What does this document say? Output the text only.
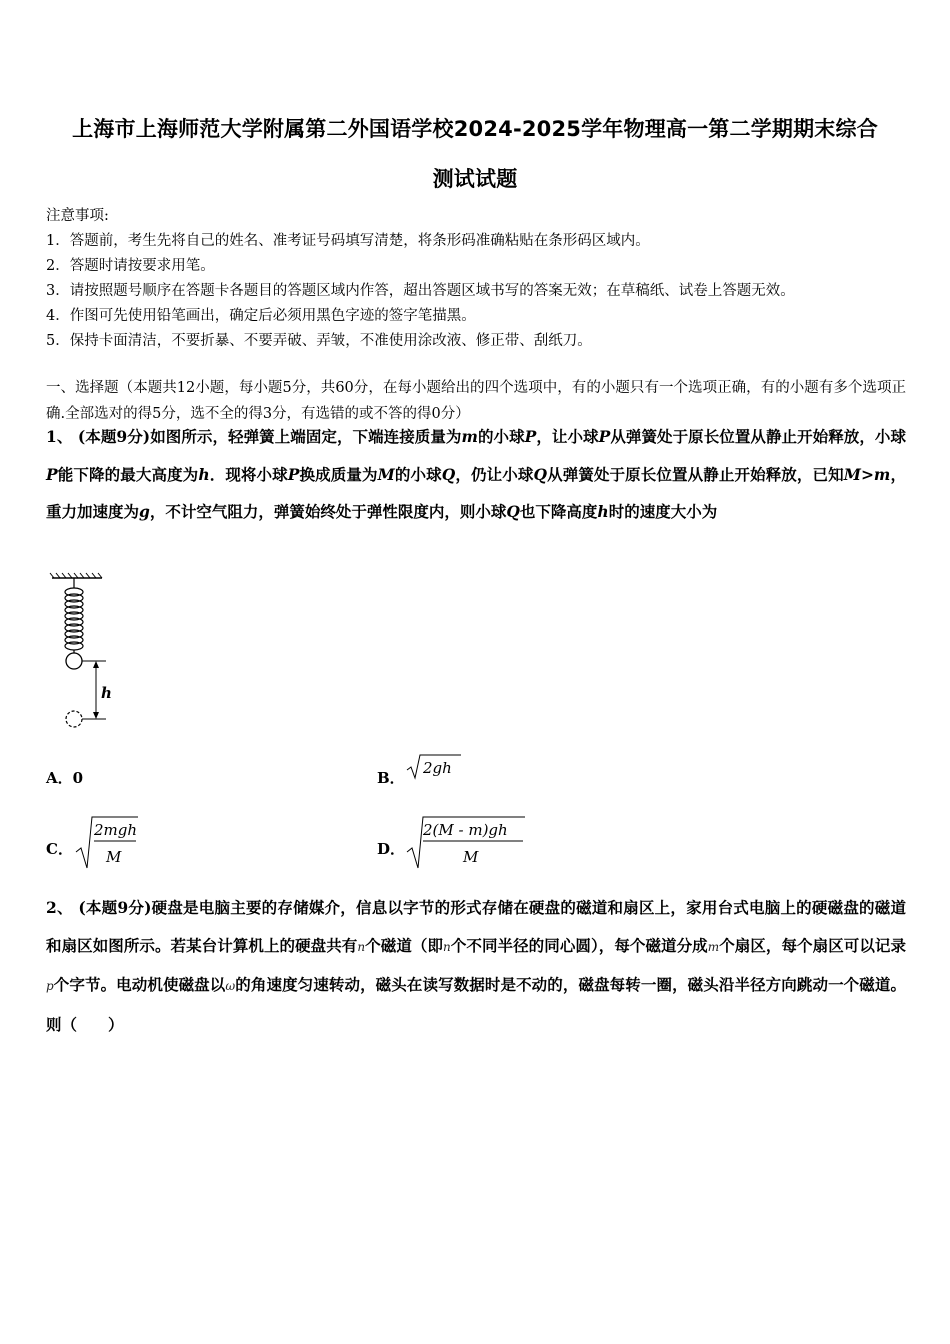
上海市上海师范大学附属第二外国语学校2024-2025学年物理高一第二学期期末综合
测试试题
注意事项:
1．答题前，考生先将自己的姓名、准考证号码填写清楚，将条形码准确粘贴在条形码区域内。
2．答题时请按要求用笔。
3．请按照题号顺序在答题卡各题目的答题区域内作答，超出答题区域书写的答案无效；在草稿纸、试卷上答题无效。
4．作图可先使用铅笔画出，确定后必须用黑色字迹的签字笔描黑。
5．保持卡面清洁，不要折暴、不要弄破、弄皱，不准使用涂改液、修正带、刮纸刀。
一、选择题（本题共12小题，每小题5分，共60分，在每小题给出的四个选项中，有的小题只有一个选项正确，有的小题有多个选项正确.全部选对的得5分，选不全的得3分，有选错的或不答的得0分）
1、 (本题9分)如图所示，轻弹簧上端固定，下端连接质量为m的小球P，让小球P从弹簧处于原长位置从静止开始释放，小球P能下降的最大高度为h．现将小球P换成质量为M的小球Q，仍让小球Q从弹簧处于原长位置从静止开始释放，已知M>m，重力加速度为g，不计空气阻力，弹簧始终处于弹性限度内，则小球Q也下降高度h时的速度大小为
h
A．0	B．
2gh
C．
2mgh
M	D．
2(M - m)gh
M
2、 (本题9分)硬盘是电脑主要的存储媒介，信息以字节的形式存储在硬盘的磁道和扇区上，家用台式电脑上的硬磁盘的磁道和扇区如图所示。若某台计算机上的硬盘共有n个磁道（即n个不同半径的同心圆），每个磁道分成m个扇区，每个扇区可以记录p个字节。电动机使磁盘以ω的角速度匀速转动，磁头在读写数据时是不动的，磁盘每转一圈，磁头沿半径方向跳动一个磁道。则（　　）
